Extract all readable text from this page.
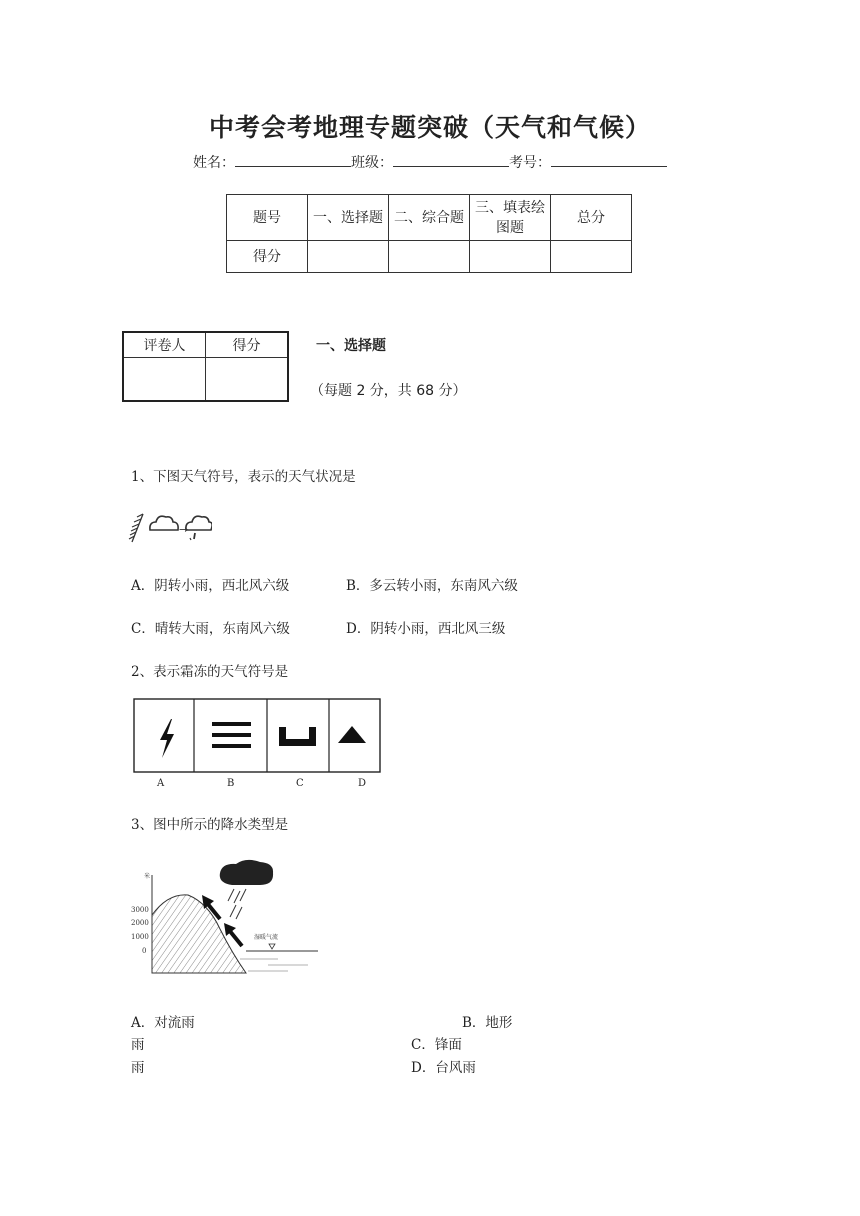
中考会考地理专题突破（天气和气候）
姓名：	班级：	考号：
题号	一、选择题	二、综合题	三、填表绘图题	总分
得分				
评卷人	得分
		一、选择题
（每题 2 分，共 68 分）
1、下图天气符号，表示的天气状况是
→
A．阴转小雨，西北风六级	B．多云转小雨，东南风六级
C．晴转大雨，东南风六级	D．阴转小雨，西北风三级
2、表示霜冻的天气符号是
A	B	C	D
3、图中所示的降水类型是
米
3000
2000
1000
0
湿暖气流
A．对流雨	B．地形
雨	C．锋面
雨	D．台风雨
